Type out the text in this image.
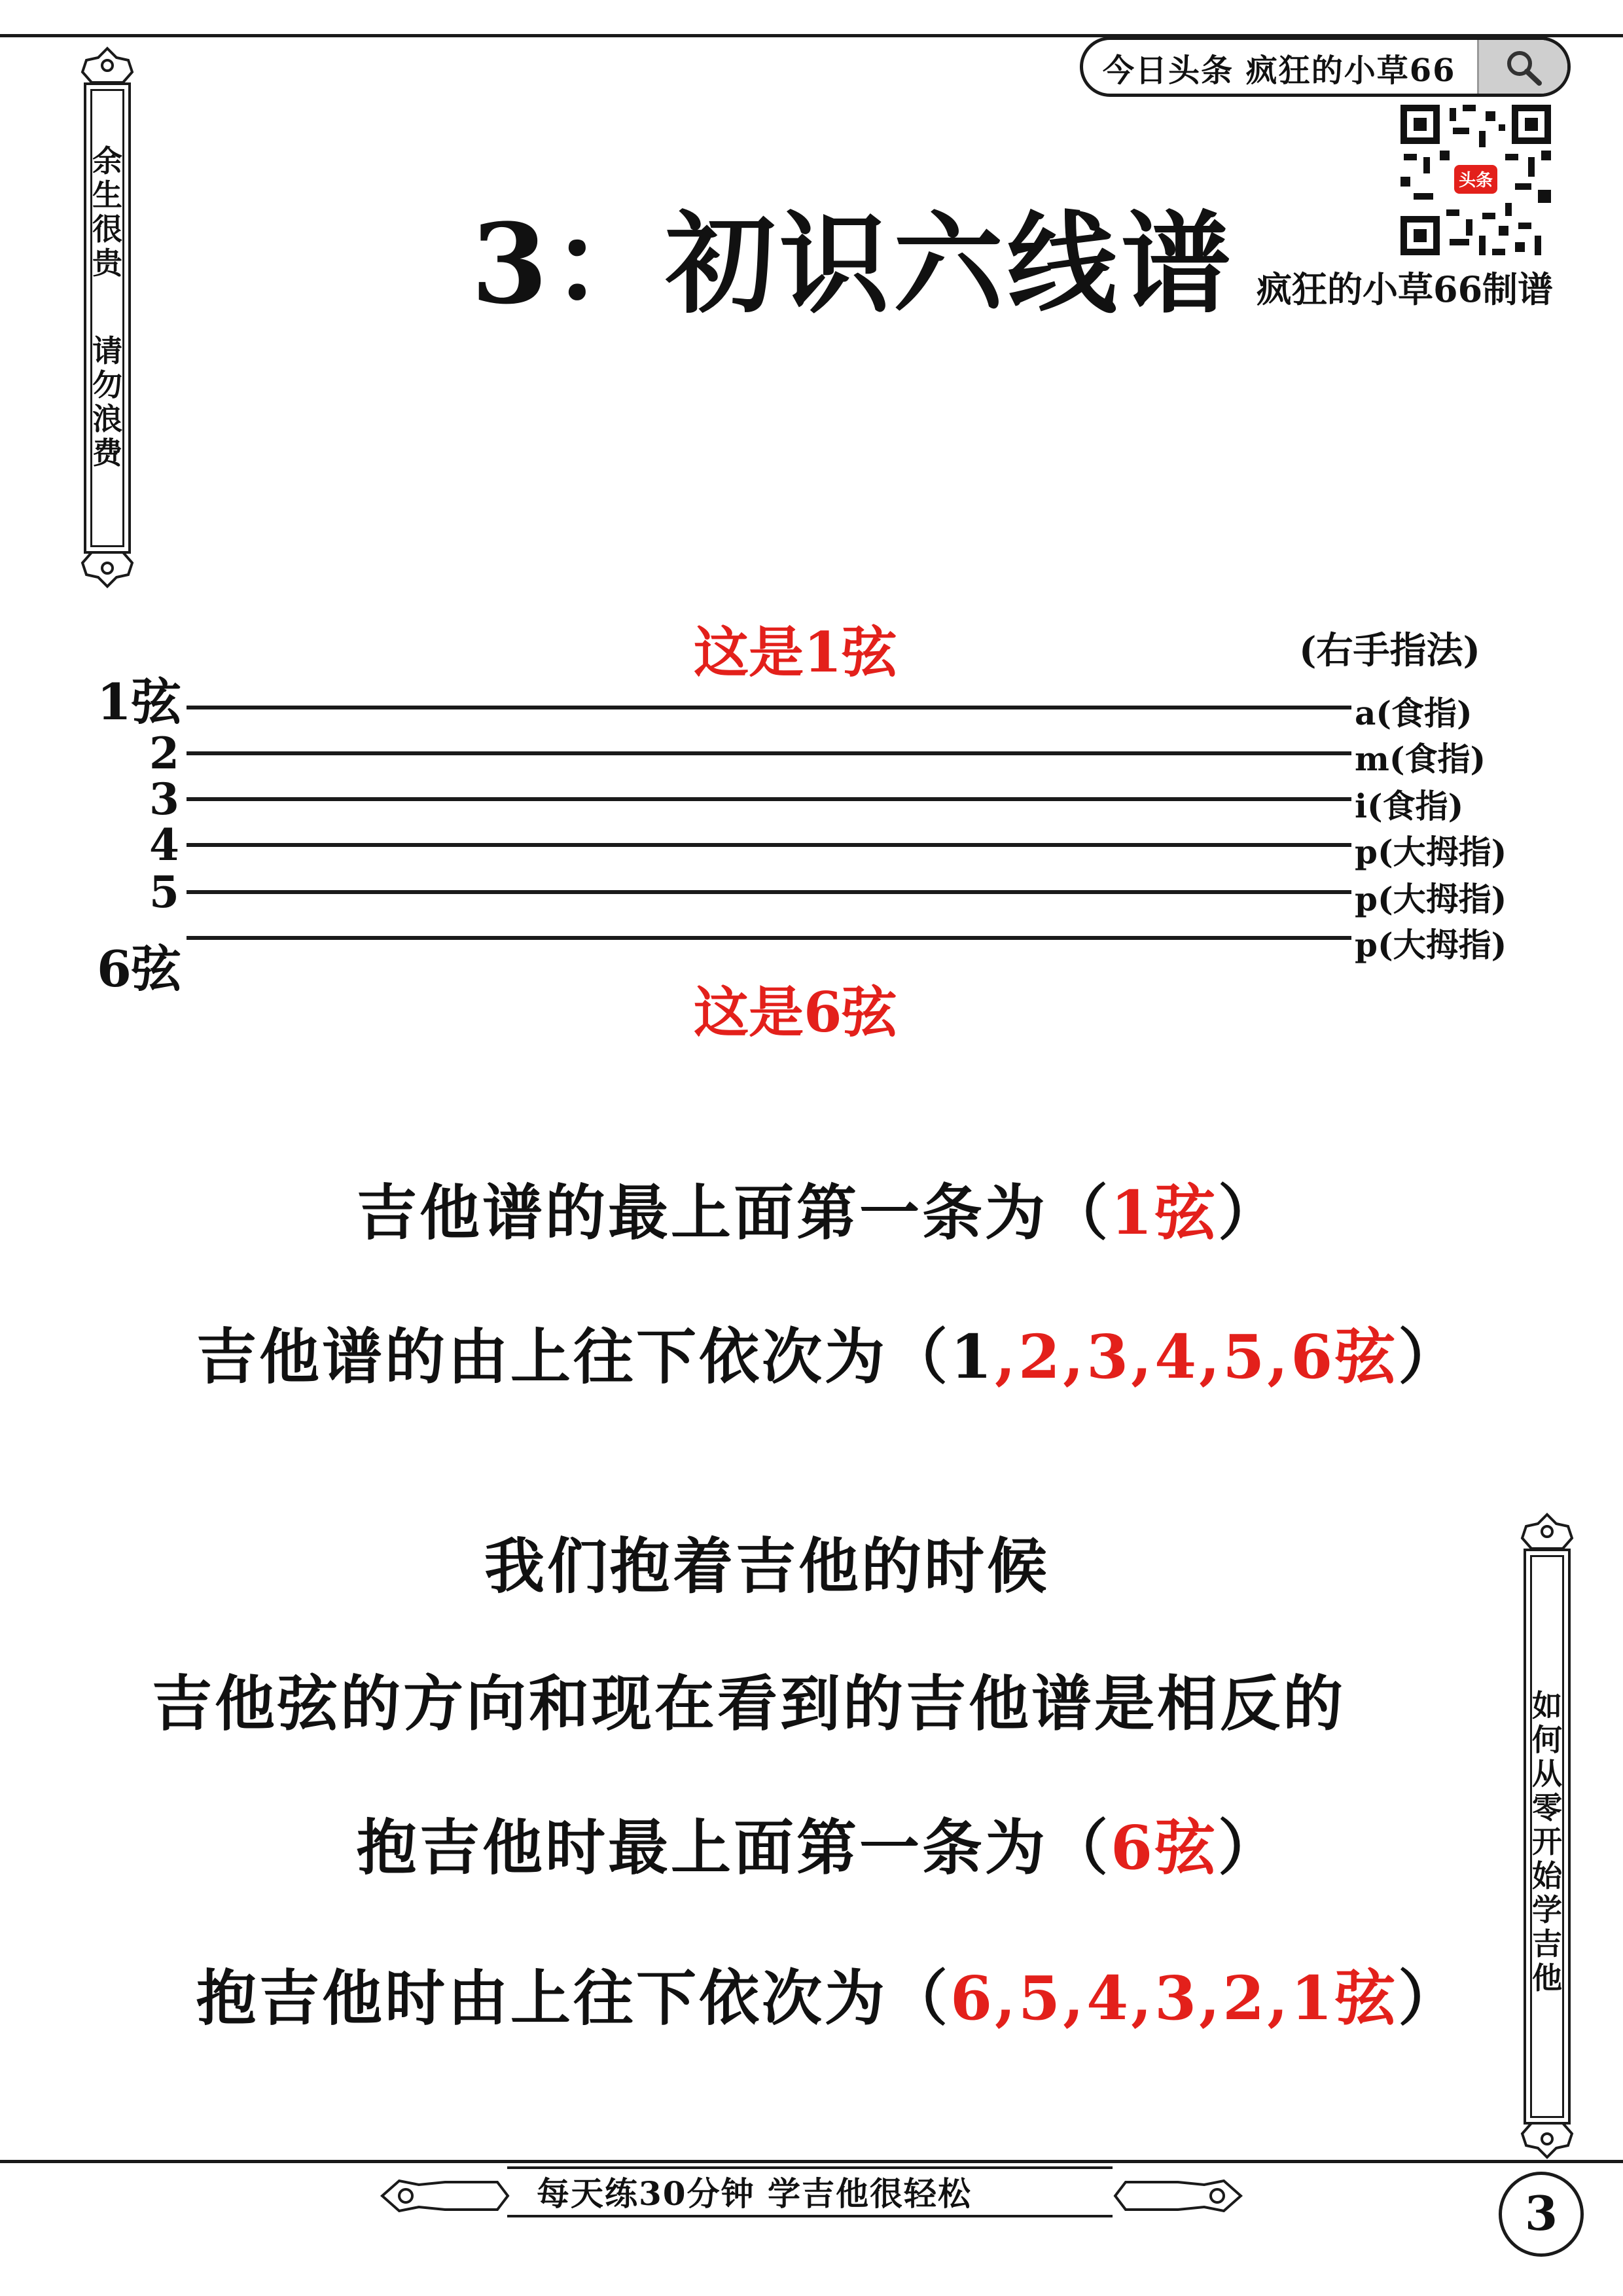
今日头条 疯狂的小草66
头条
疯狂的小草66制谱
3：初识六线谱
余生很贵
请勿浪费
如何从零开始学吉他
这是1弦	(右手指法)
1弦
2
3
4
5
6弦
a(食指)
m(食指)
i(食指)
p(大拇指)
p(大拇指)
p(大拇指)
这是6弦
吉他谱的最上面第一条为（1弦）
吉他谱的由上往下依次为（1,2,3,4,5,6弦）
我们抱着吉他的时候
吉他弦的方向和现在看到的吉他谱是相反的
抱吉他时最上面第一条为（6弦）
抱吉他时由上往下依次为（6,5,4,3,2,1弦）
每天练30分钟 学吉他很轻松	3
